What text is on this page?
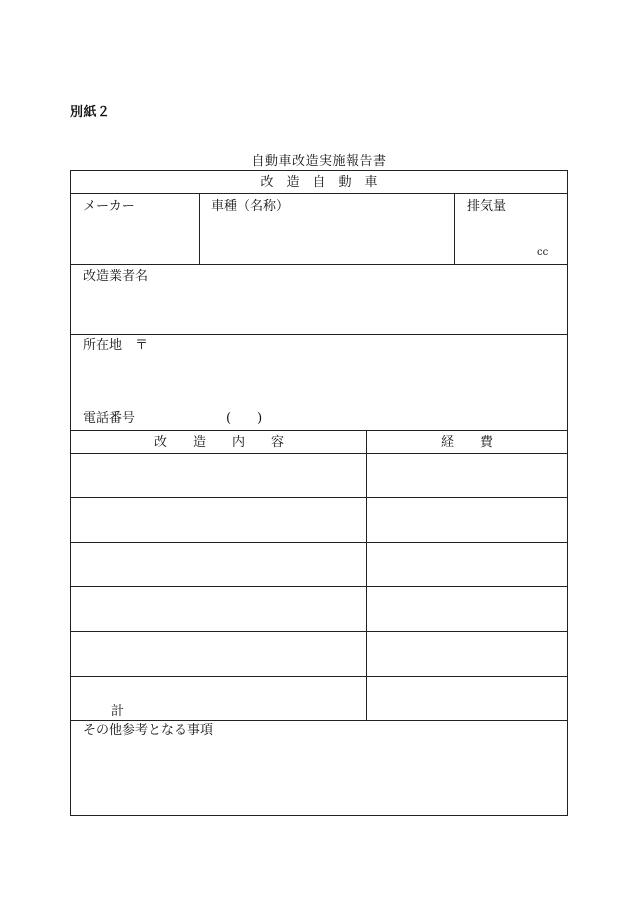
別紙２
自動車改造実施報告書
改　造　自　動　車
メーカー	車種（名称）	排気量
cc
改造業者名
所在地　〒
電話番号	(　　)
改　　造　　内　　容	経　　費
計
その他参考となる事項
